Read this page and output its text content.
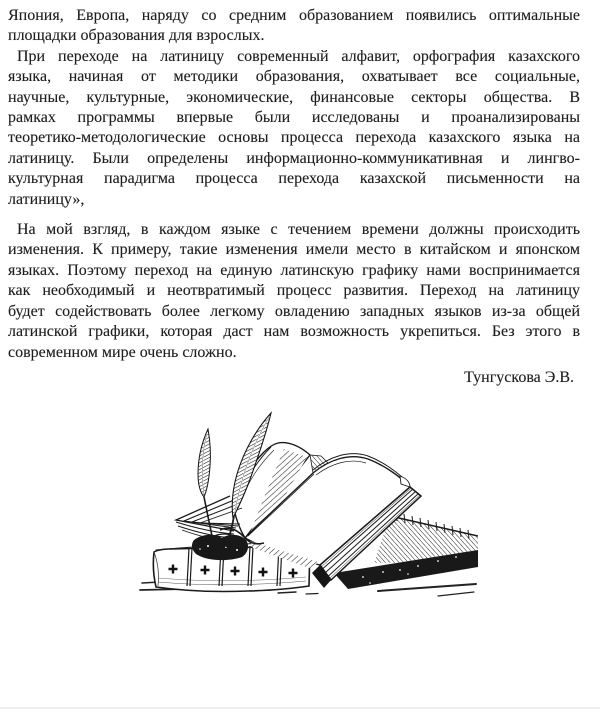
Япония, Европа, наряду со средним образованием появились оптимальные
площадки образования для взрослых.
При переходе на латиницу современный алфавит, орфография казахского
языка, начиная от методики образования, охватывает все социальные,
научные, культурные, экономические, финансовые секторы общества. В
рамках программы впервые были исследованы и проанализированы
теоретико-методологические основы процесса перехода казахского языка на
латиницу. Были определены информационно-коммуникативная и лингво-
культурная парадигма процесса перехода казахской письменности на
латиницу»,
На мой взгляд, в каждом языке с течением времени должны происходить
изменения. К примеру, такие изменения имели место в китайском и японском
языках. Поэтому переход на единую латинскую графику нами воспринимается
как необходимый и неотвратимый процесс развития. Переход на латиницу
будет содействовать более легкому овладению западных языков из-за общей
латинской графики, которая даст нам возможность укрепиться. Без этого в
современном мире очень сложно.
Тунгускова Э.В.
